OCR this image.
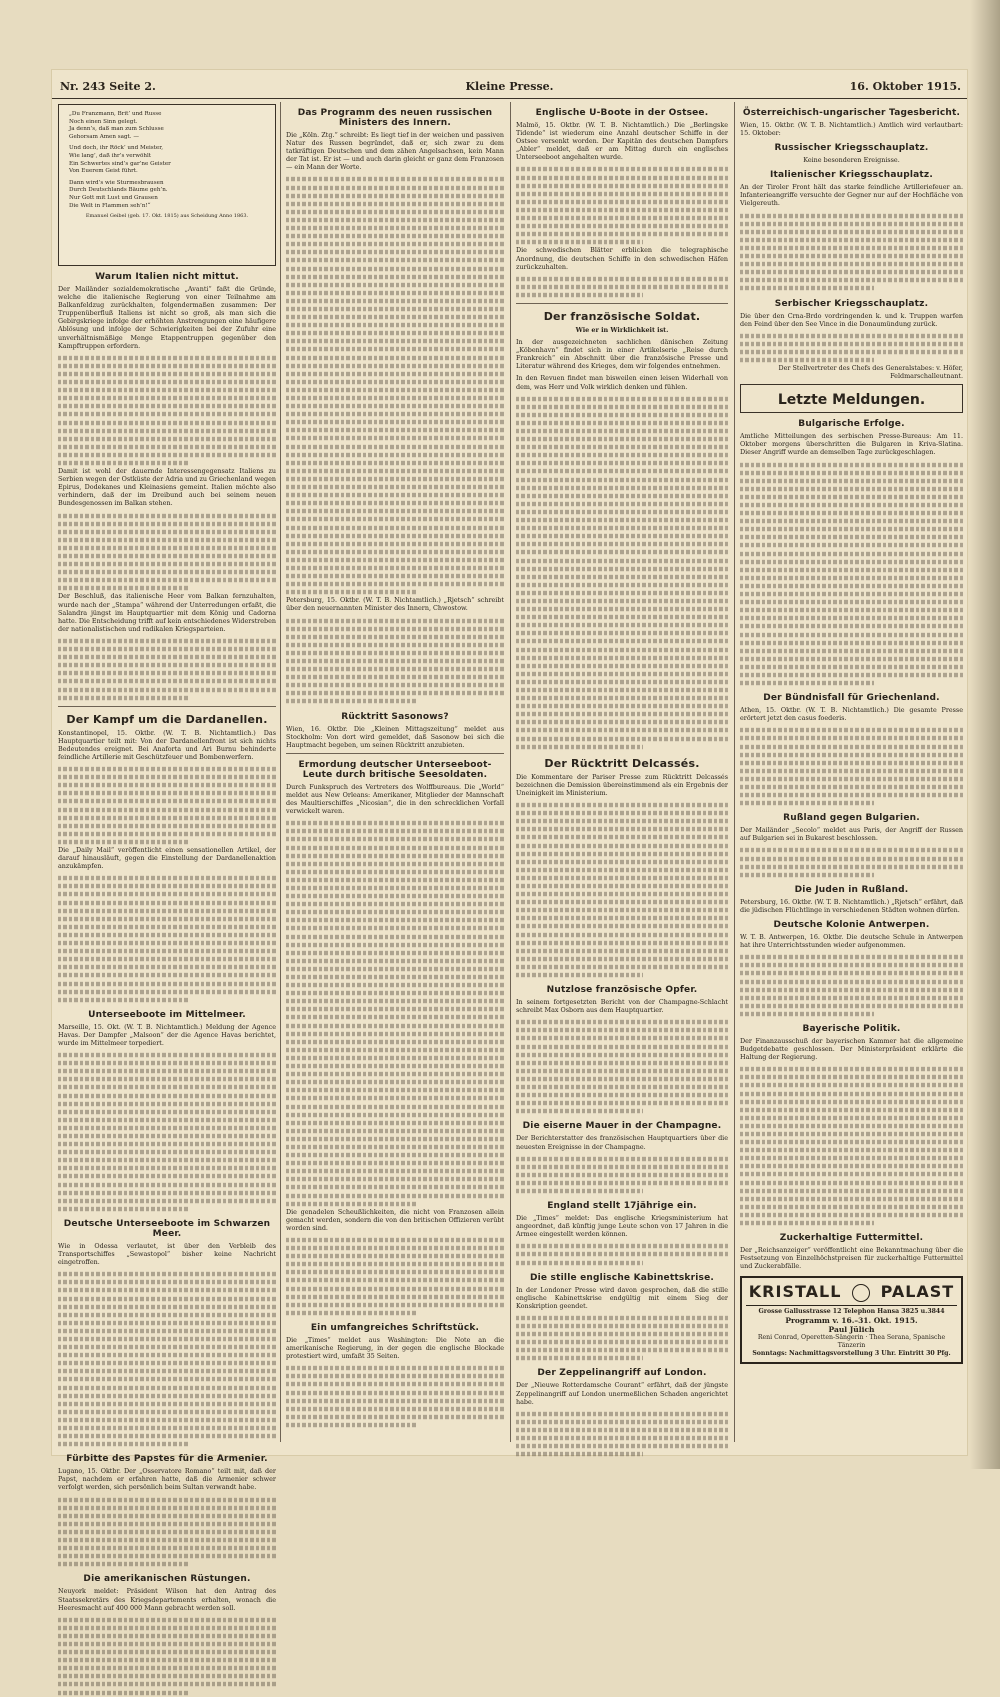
Nr. 243 Seite 2.	Kleine Presse.	16. Oktober 1915.

„Du Franzmann, Brit’ und Russe

Noch einen Sinn gelegt.

Ja denn’s, daß man zum Schlusse

Gehorsam Amen sagt. —

Und doch, ihr Röck’ und Meister,

Wie lang’, daß ihr’s verwöhlt

Ein Schwertes sind’s gar’ne Geister

Von Euerem Geist führt.

Dann wird’s wie Sturmesbrausen

Durch Deutschlands Bäume geh’n.

Nur Gott mit Lust und Grausen

Die Welt in Flammen seh’n!“

Emanuel Geibel (geb. 17. Okt. 1815) aus Scheidung Anno 1863.

Warum Italien nicht mittut.

Der Mailänder sozialdemokratische „Avanti“ faßt die Gründe, welche die italienische Regierung von einer Teilnahme am Balkanfeldzug zurückhalten, folgendermaßen zusammen: Der Truppenüberfluß Italiens ist nicht so groß, als man sich die Gebirgskriege infolge der erhöhten Anstrengungen eine häufigere Ablösung und infolge der Schwierigkeiten bei der Zufuhr eine unverhältnismäßige Menge Etappentruppen gegenüber den Kampftruppen erfordern.

Damit ist wohl der dauernde Interessengegensatz Italiens zu Serbien wegen der Ostküste der Adria und zu Griechenland wegen Epirus, Dodekanes und Kleinasiens gemeint. Italien möchte also verhindern, daß der im Dreibund auch bei seinem neuen Bundesgenossen im Balkan stehen.

Der Beschluß, das italienische Heer vom Balkan fernzuhalten, wurde nach der „Stampa“ während der Unterredungen erfaßt, die Salandra jüngst im Hauptquartier mit dem König und Cadorna hatte. Die Entscheidung trifft auf kein entschiedenes Widerstreben der nationalistischen und radikalen Kriegsparteien.

Der Kampf um die Dardanellen.

Konstantinopel, 15. Oktbr. (W. T. B. Nichtamtlich.) Das Hauptquartier teilt mit: Von der Dardanellenfront ist sich nichts Bedeutendes ereignet. Bei Anaforta und Ari Burnu behinderte feindliche Artillerie mit Geschützfeuer und Bombenwerfern.

Die „Daily Mail“ veröffentlicht einen sensationellen Artikel, der darauf hinausläuft, gegen die Einstellung der Dardanellenaktion anzukämpfen.

Unterseeboote im Mittelmeer.

Marseille, 15. Okt. (W. T. B. Nichtamtlich.) Meldung der Agence Havas. Der Dampfer „Malsoon“ der die Agence Havas berichtet, wurde im Mittelmeer torpediert.

Deutsche Unterseeboote im Schwarzen Meer.

Wie in Odessa verlautet, ist über den Verbleib des Transportschiffes „Sewastopol“ bisher keine Nachricht eingetroffen.

Fürbitte des Papstes für die Armenier.

Lugano, 15. Oktbr. Der „Osservatore Romano“ teilt mit, daß der Papst, nachdem er erfahren hatte, daß die Armenier schwer verfolgt werden, sich persönlich beim Sultan verwandt habe.

Die amerikanischen Rüstungen.

Neuyork meldet: Präsident Wilson hat den Antrag des Staatssekretärs des Kriegsdepartements erhalten, wonach die Heeresmacht auf 400 000 Mann gebracht werden soll.

Das Programm des neuen russischen Ministers des Innern.

Die „Köln. Ztg.“ schreibt: Es liegt tief in der weichen und passiven Natur des Russen begründet, daß er, sich zwar zu dem tatkräftigen Deutschen und dem zähen Angelsachsen, kein Mann der Tat ist. Er ist — und auch darin gleicht er ganz dem Franzosen — ein Mann der Worte.

Petersburg, 15. Oktbr. (W. T. B. Nichtamtlich.) „Rjetsch“ schreibt über den neuernannten Minister des Innern, Chwostow.

Rücktritt Sasonows?

Wien, 16. Oktbr. Die „Kleinen Mittagszeitung“ meldet aus Stockholm: Von dort wird gemeldet, daß Sasonow bei sich die Hauptmacht begeben, um seinen Rücktritt anzubieten.

Ermordung deutscher Unterseeboot-Leute durch britische Seesoldaten.

Durch Funkspruch des Vertreters des Wolffbureaus. Die „World“ meldet aus New Orleans: Amerikaner, Mitglieder der Mannschaft des Maultierschiffes „Nicosian“, die in den schrecklichen Vorfall verwickelt waren.

Die genadelen Scheußlichkeiten, die nicht von Franzosen allein gemacht werden, sondern die von den britischen Offizieren verübt worden sind.

Ein umfangreiches Schriftstück.

Die „Times“ meldet aus Washington: Die Note an die amerikanische Regierung, in der gegen die englische Blockade protestiert wird, umfaßt 35 Seiten.

Englische U-Boote in der Ostsee.

Malmö, 15. Oktbr. (W. T. B. Nichtamtlich.) Die „Berlingske Tidende“ ist wiederum eine Anzahl deutscher Schiffe in der Ostsee versenkt worden. Der Kapitän des deutschen Dampfers „Abler“ meldet, daß er am Mittag durch ein englisches Unterseeboot angehalten wurde.

Die schwedischen Blätter erblicken die telegraphische Anordnung, die deutschen Schiffe in den schwedischen Häfen zurückzuhalten.

Der französische Soldat.

Wie er in Wirklichkeit ist.

In der ausgezeichneten sachlichen dänischen Zeitung „Köbenhavn“ findet sich in einer Artikelserie „Reise durch Frankreich“ ein Abschnitt über die französische Presse und Literatur während des Krieges, dem wir folgendes entnehmen.

In den Revuen findet man bisweilen einen leisen Widerhall von dem, was Herr und Volk wirklich denken und fühlen.

Der Rücktritt Delcassés.

Die Kommentare der Pariser Presse zum Rücktritt Delcassés bezeichnen die Demission übereinstimmend als ein Ergebnis der Uneinigkeit im Ministerium.

Nutzlose französische Opfer.

In seinem fortgesetzten Bericht von der Champagne-Schlacht schreibt Max Osborn aus dem Hauptquartier.

Die eiserne Mauer in der Champagne.

Der Berichterstatter des französischen Hauptquartiers über die neuesten Ereignisse in der Champagne.

England stellt 17jährige ein.

Die „Times“ meldet: Das englische Kriegsministerium hat angeordnet, daß künftig junge Leute schon von 17 Jahren in die Armee eingestellt werden können.

Die stille englische Kabinettskrise.

In der Londoner Presse wird davon gesprochen, daß die stille englische Kabinettskrise endgültig mit einem Sieg der Konskription geendet.

Der Zeppelinangriff auf London.

Der „Nieuwe Rotterdamsche Courant“ erfährt, daß der jüngste Zeppelinangriff auf London unermeßlichen Schaden angerichtet habe.

Österreichisch-ungarischer Tagesbericht.

Wien, 15. Oktbr. (W. T. B. Nichtamtlich.) Amtlich wird verlautbart: 15. Oktober:

Russischer Kriegsschauplatz.

Keine besonderen Ereignisse.

Italienischer Kriegsschauplatz.

An der Tiroler Front hält das starke feindliche Artilleriefeuer an. Infanterieangriffe versuchte der Gegner nur auf der Hochfläche von Vielgereuth.

Serbischer Kriegsschauplatz.

Die über den Crna-Brdo vordringenden k. und k. Truppen warfen den Feind über den See Vince in die Donaumündung zurück.

Der Stellvertreter des Chefs des Generalstabes: v. Höfer, Feldmarschalleutnant.

Letzte Meldungen.
Bulgarische Erfolge.

Amtliche Mitteilungen des serbischen Presse-Bureaus: Am 11. Oktober morgens überschritten die Bulgaren in Kriva-Slatina. Dieser Angriff wurde an demselben Tage zurückgeschlagen.

Der Bündnisfall für Griechenland.

Athen, 15. Oktbr. (W. T. B. Nichtamtlich.) Die gesamte Presse erörtert jetzt den casus foederis.

Rußland gegen Bulgarien.

Der Mailänder „Secolo“ meldet aus Paris, der Angriff der Russen auf Bulgarien sei in Bukarest beschlossen.

Die Juden in Rußland.

Petersburg, 16. Oktbr. (W. T. B. Nichtamtlich.) „Rjetsch“ erfährt, daß die jüdischen Flüchtlinge in verschiedenen Städten wohnen dürfen.

Deutsche Kolonie Antwerpen.

W. T. B. Antwerpen, 16. Oktbr. Die deutsche Schule in Antwerpen hat ihre Unterrichtsstunden wieder aufgenommen.

Bayerische Politik.

Der Finanzausschuß der bayerischen Kammer hat die allgemeine Budgetdebatte geschlossen. Der Ministerpräsident erklärte die Haltung der Regierung.

Zuckerhaltige Futtermittel.

Der „Reichsanzeiger“ veröffentlicht eine Bekanntmachung über die Festsetzung von Einzelhöchstpreisen für zuckerhaltige Futtermittel und Zuckerabfälle.

KRISTALL PALAST
Grosse Gallusstrasse 12 Telephon Hansa 3825 u.3844
Programm v. 16.–31. Okt. 1915.
Paul Jülich
Reni Conrad, Operetten-Sängerin · Thea Serana, Spanische Tänzerin
Sonntags: Nachmittagsvorstellung 3 Uhr. Eintritt 30 Pfg.
